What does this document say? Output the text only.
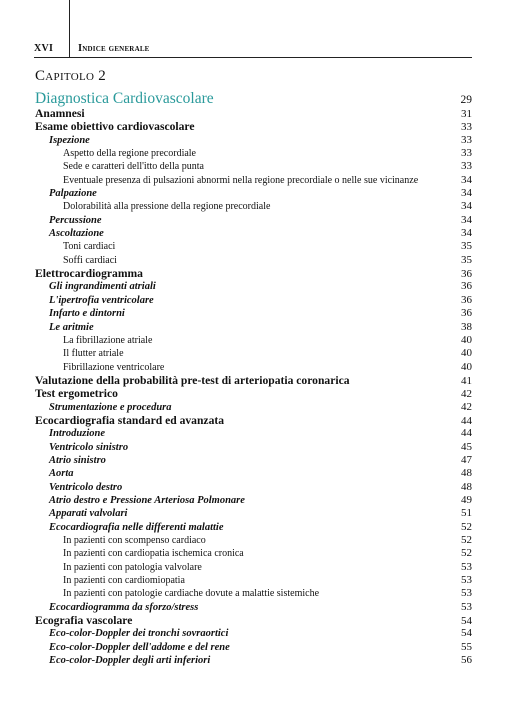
XVI Indice generale
Capitolo 2
Diagnostica Cardiovascolare	29
Anamnesi	31
Esame obiettivo cardiovascolare	33
Ispezione	33
Aspetto della regione precordiale	33
Sede e caratteri dell'itto della punta	33
Eventuale presenza di pulsazioni abnormi nella regione precordiale o nelle sue vicinanze	34
Palpazione	34
Dolorabilità alla pressione della regione precordiale	34
Percussione	34
Ascoltazione	34
Toni cardiaci	35
Soffi cardiaci	35
Elettrocardiogramma	36
Gli ingrandimenti atriali	36
L'ipertrofia ventricolare	36
Infarto e dintorni	36
Le aritmie	38
La fibrillazione atriale	40
Il flutter atriale	40
Fibrillazione ventricolare	40
Valutazione della probabilità pre-test di arteriopatia coronarica	41
Test ergometrico	42
Strumentazione e procedura	42
Ecocardiografia standard ed avanzata	44
Introduzione	44
Ventricolo sinistro	45
Atrio sinistro	47
Aorta	48
Ventricolo destro	48
Atrio destro e Pressione Arteriosa Polmonare	49
Apparati valvolari	51
Ecocardiografia nelle differenti malattie	52
In pazienti con scompenso cardiaco	52
In pazienti con cardiopatia ischemica cronica	52
In pazienti con patologia valvolare	53
In pazienti con cardiomiopatia	53
In pazienti con patologie cardiache dovute a malattie sistemiche	53
Ecocardiogramma da sforzo/stress	53
Ecografia vascolare	54
Eco-color-Doppler dei tronchi sovraortici	54
Eco-color-Doppler dell'addome e del rene	55
Eco-color-Doppler degli arti inferiori	56
